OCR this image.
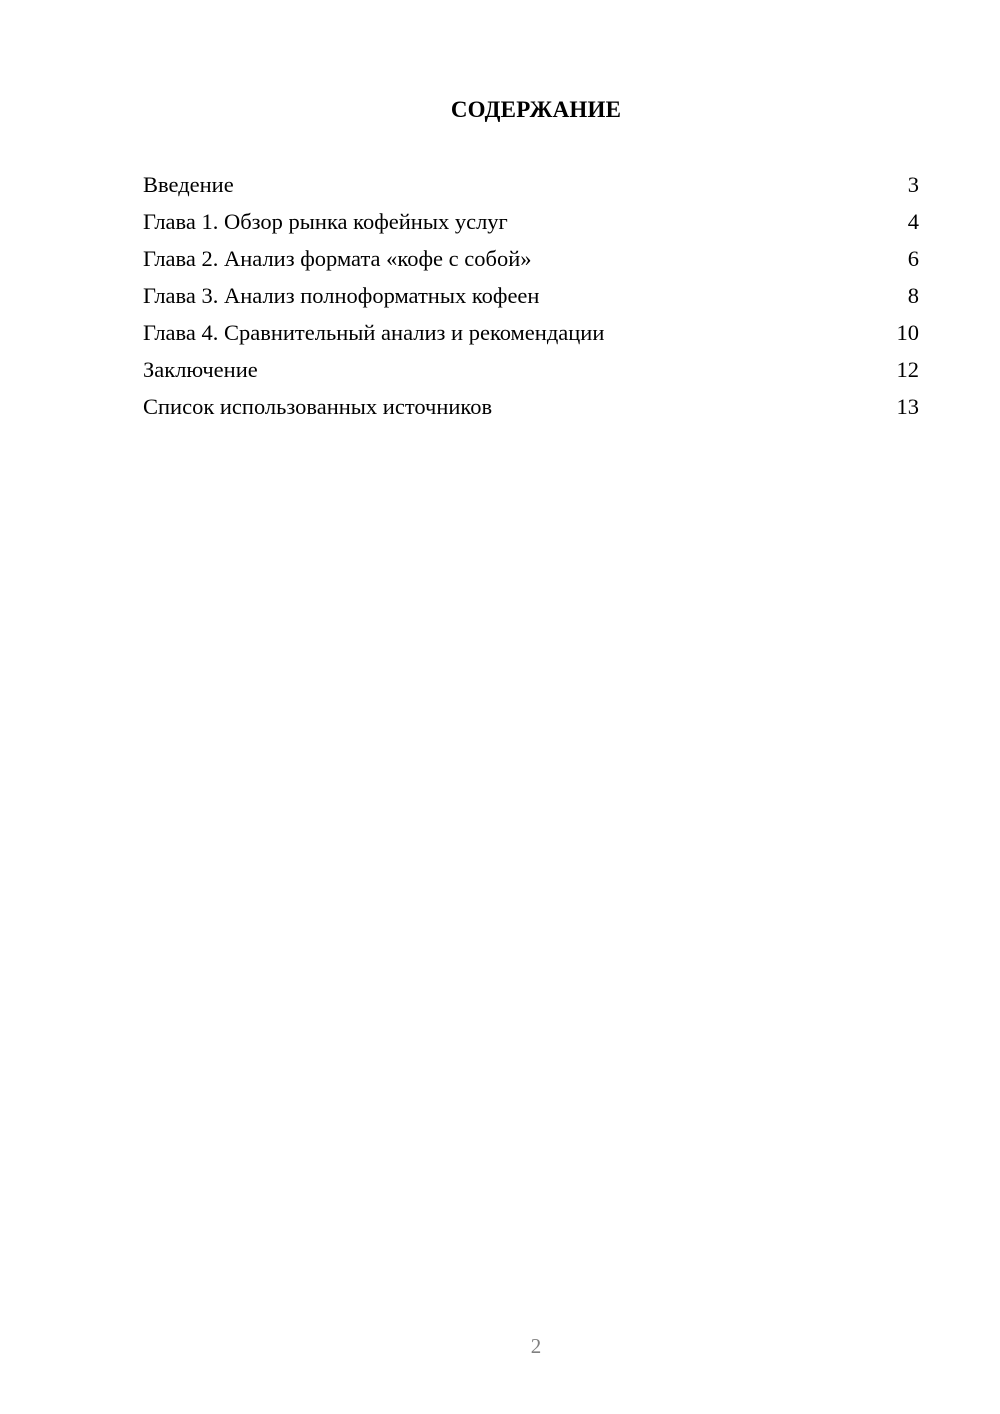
СОДЕРЖАНИЕ
Введение	3
Глава 1. Обзор рынка кофейных услуг	4
Глава 2. Анализ формата «кофе с собой»	6
Глава 3. Анализ полноформатных кофеен	8
Глава 4. Сравнительный анализ и рекомендации	10
Заключение	12
Список использованных источников	13
2
